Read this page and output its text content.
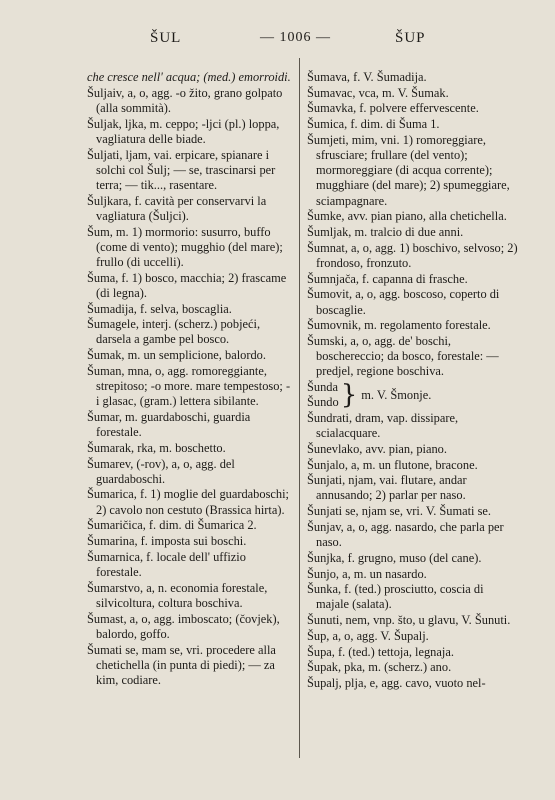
ŠUL	— 1006 —	ŠUP
che cresce nell' acqua; (med.) emorroidi.
Šuljaiv, a, o, agg. -o žito, grano golpato (alla sommità).
Šuljak, ljka, m. ceppo; -ljci (pl.) loppa, vagliatura delle biade.
Šuljati, ljam, vai. erpicare, spianare i solchi col Šulj; — se, trascinarsi per terra; — tik..., rasentare.
Šuljkara, f. cavità per conservarvi la vagliatura (Šuljci).
Šum, m. 1) mormorio: susurro, buffo (come di vento); mugghio (del mare); frullo (di uccelli).
Šuma, f. 1) bosco, macchia; 2) frascame (di legna).
Šumadija, f. selva, boscaglia.
Šumagele, interj. (scherz.) pobjeći, darsela a gambe pel bosco.
Šumak, m. un semplicione, balordo.
Šuman, mna, o, agg. romoreggiante, strepitoso; -o more. mare tempestoso; -i glasac, (gram.) lettera sibilante.
Šumar, m. guardaboschi, guardia forestale.
Šumarak, rka, m. boschetto.
Šumarev, (-rov), a, o, agg. del guardaboschi.
Šumarica, f. 1) moglie del guardaboschi; 2) cavolo non cestuto (Brassica hirta).
Šumaričica, f. dim. di Šumarica 2.
Šumarina, f. imposta sui boschi.
Šumarnica, f. locale dell' uffizio forestale.
Šumarstvo, a, n. economia forestale, silvicoltura, coltura boschiva.
Šumast, a, o, agg. imboscato; (čovjek), balordo, goffo.
Šumati se, mam se, vri. procedere alla chetichella (in punta di piedi); — za kim, codiare.
Šumava, f. V. Šumadija.
Šumavac, vca, m. V. Šumak.
Šumavka, f. polvere effervescente.
Šumica, f. dim. di Šuma 1.
Šumjeti, mim, vni. 1) romoreggiare, sfrusciare; frullare (del vento); mormoreggiare (di acqua corrente); mugghiare (del mare); 2) spumeggiare, sciampagnare.
Šumke, avv. pian piano, alla chetichella.
Šumljak, m. tralcio di due anni.
Šumnat, a, o, agg. 1) boschivo, selvoso; 2) frondoso, fronzuto.
Šumnjača, f. capanna di frasche.
Šumovit, a, o, agg. boscoso, coperto di boscaglie.
Šumovnik, m. regolamento forestale.
Šumski, a, o, agg. de' boschi, boschereccio; da bosco, forestale: — predjel, regione boschiva.
Šunda
Šundo } m. V. Šmonje.
Šundrati, dram, vap. dissipare, scialacquare.
Šunevlako, avv. pian, piano.
Šunjalo, a, m. un flutone, bracone.
Šunjati, njam, vai. flutare, andar annusando; 2) parlar per naso.
Šunjati se, njam se, vri. V. Šumati se.
Šunjav, a, o, agg. nasardo, che parla per naso.
Šunjka, f. grugno, muso (del cane).
Šunjo, a, m. un nasardo.
Šunka, f. (ted.) prosciutto, coscia di majale (salata).
Šunuti, nem, vnp. što, u glavu, V. Šunuti.
Šup, a, o, agg. V. Šupalj.
Šupa, f. (ted.) tettoja, legnaja.
Šupak, pka, m. (scherz.) ano.
Šupalj, plja, e, agg. cavo, vuoto nel-
